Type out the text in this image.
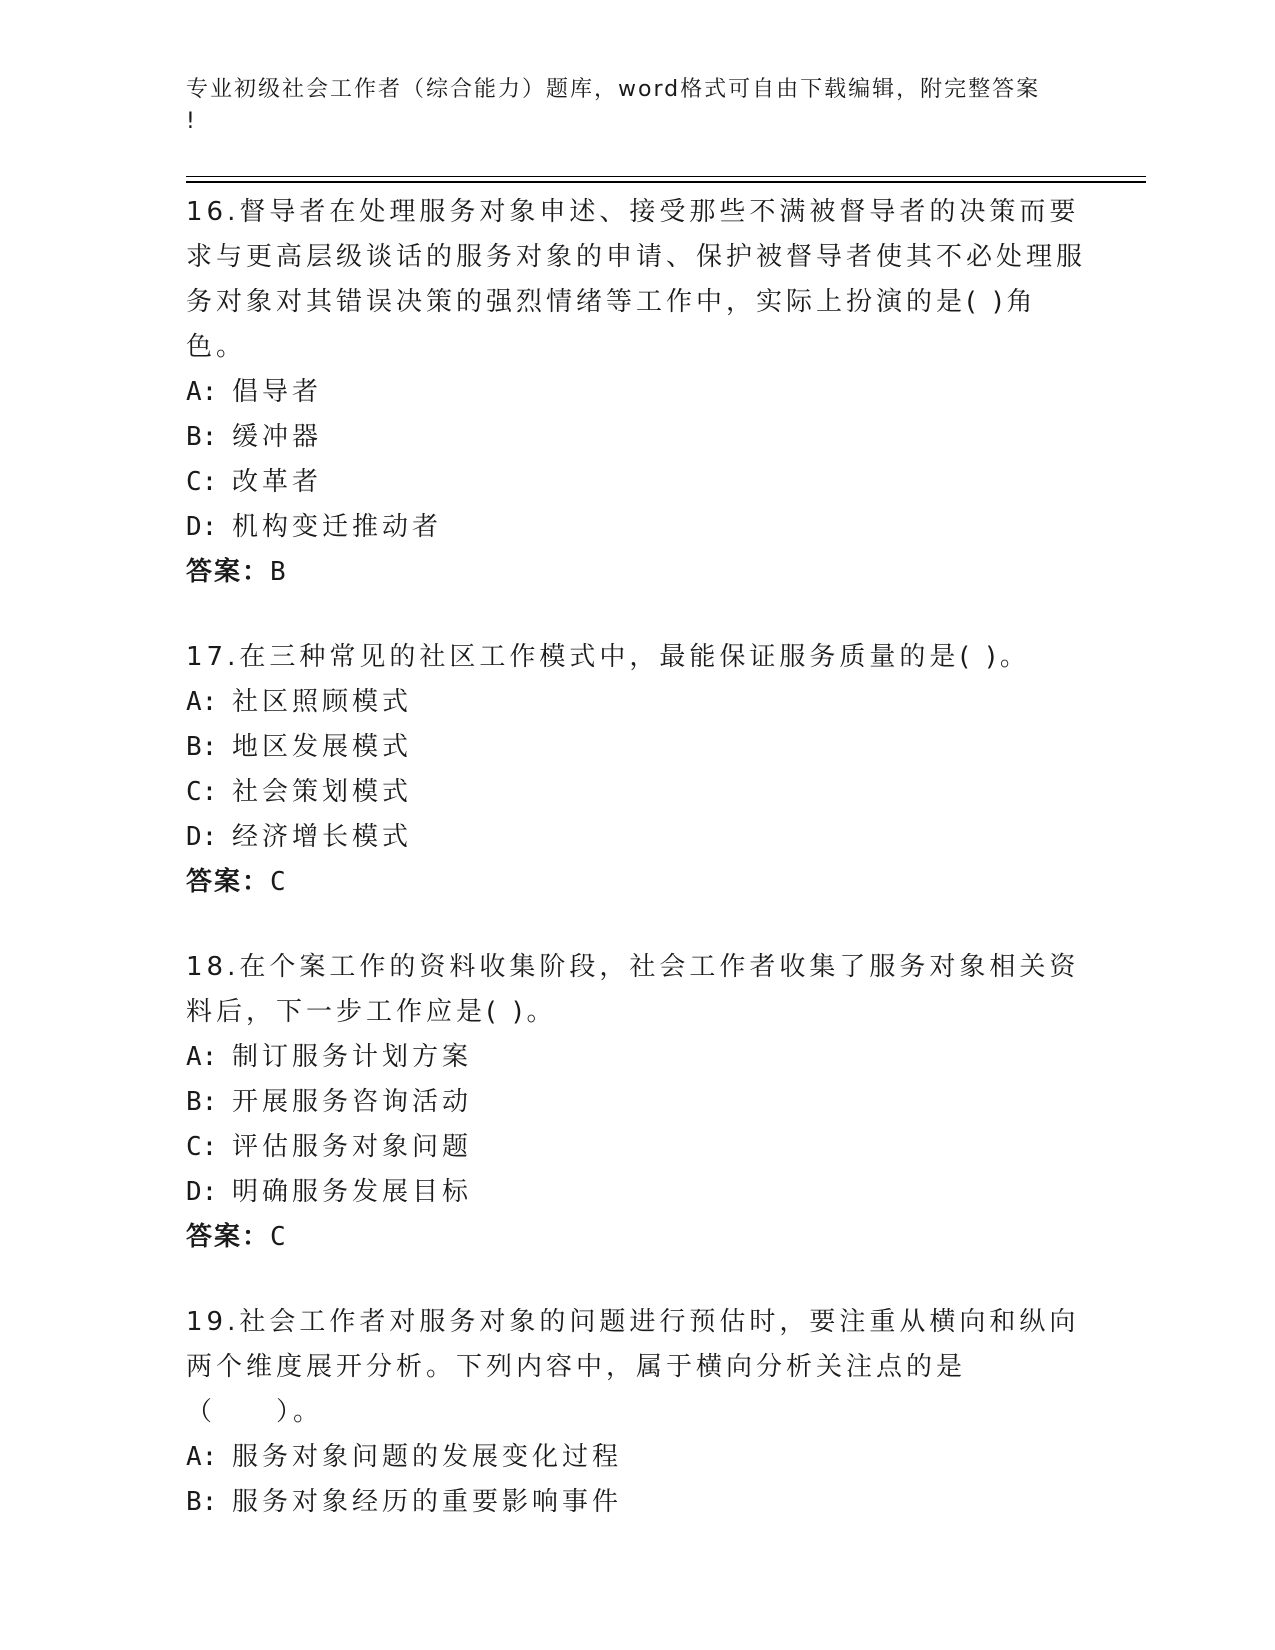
专业初级社会工作者（综合能力）题库，word格式可自由下载编辑，附完整答案
!
16.督导者在处理服务对象申述、接受那些不满被督导者的决策而要求与更高层级谈话的服务对象的申请、保护被督导者使其不必处理服务对象对其错误决策的强烈情绪等工作中，实际上扮演的是( )角色。
A: 倡导者
B: 缓冲器
C: 改革者
D: 机构变迁推动者
答案：B
17.在三种常见的社区工作模式中，最能保证服务质量的是( )。
A: 社区照顾模式
B: 地区发展模式
C: 社会策划模式
D: 经济增长模式
答案：C
18.在个案工作的资料收集阶段，社会工作者收集了服务对象相关资料后，下一步工作应是( )。
A: 制订服务计划方案
B: 开展服务咨询活动
C: 评估服务对象问题
D: 明确服务发展目标
答案：C
19.社会工作者对服务对象的问题进行预估时，要注重从横向和纵向两个维度展开分析。下列内容中，属于横向分析关注点的是（　　）。
A: 服务对象问题的发展变化过程
B: 服务对象经历的重要影响事件
